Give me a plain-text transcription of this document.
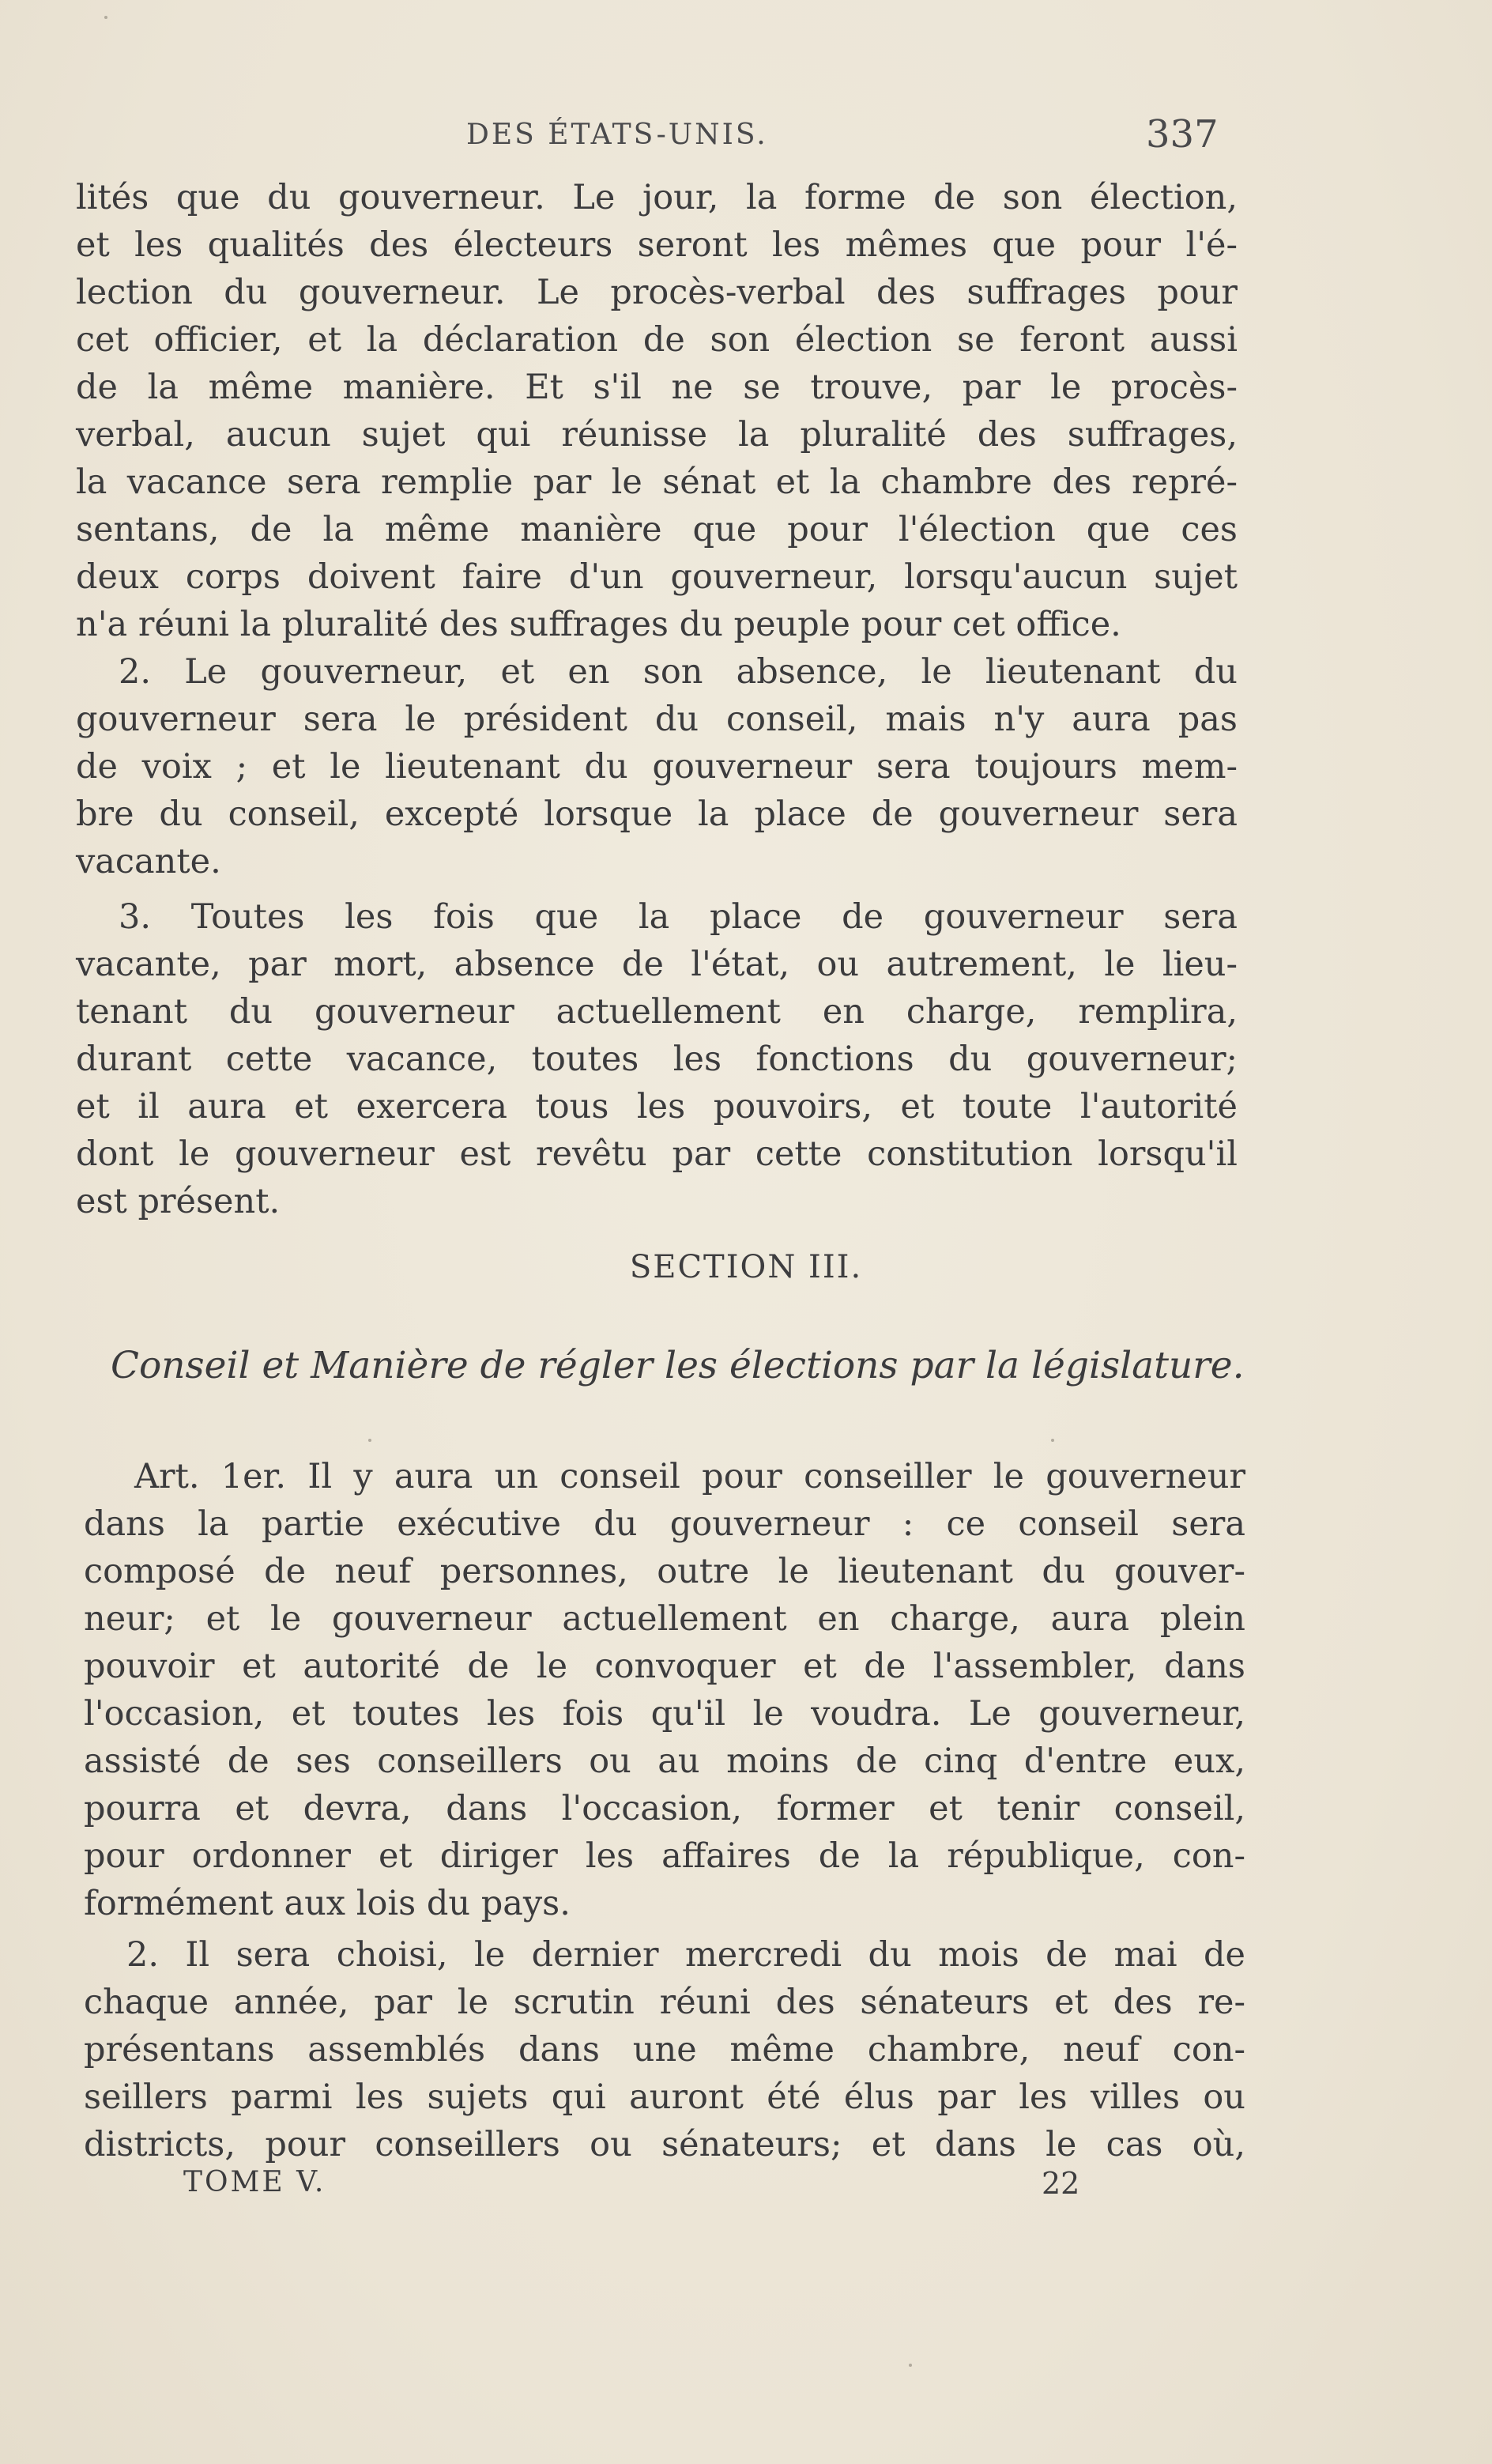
DES ÉTATS-UNIS.	337
lités que du gouverneur. Le jour, la forme de son élection,
et les qualités des électeurs seront les mêmes que pour l'é-
lection du gouverneur. Le procès-verbal des suffrages pour
cet officier, et la déclaration de son élection se feront aussi
de la même manière. Et s'il ne se trouve, par le procès-
verbal, aucun sujet qui réunisse la pluralité des suffrages,
la vacance sera remplie par le sénat et la chambre des repré-
sentans, de la même manière que pour l'élection que ces
deux corps doivent faire d'un gouverneur, lorsqu'aucun sujet
n'a réuni la pluralité des suffrages du peuple pour cet office.
2. Le gouverneur, et en son absence, le lieutenant du
gouverneur sera le président du conseil, mais n'y aura pas
de voix ; et le lieutenant du gouverneur sera toujours mem-
bre du conseil, excepté lorsque la place de gouverneur sera
vacante.
3. Toutes les fois que la place de gouverneur sera
vacante, par mort, absence de l'état, ou autrement, le lieu-
tenant du gouverneur actuellement en charge, remplira,
durant cette vacance, toutes les fonctions du gouverneur;
et il aura et exercera tous les pouvoirs, et toute l'autorité
dont le gouverneur est revêtu par cette constitution lorsqu'il
est présent.
SECTION III.
Conseil et Manière de régler les élections par la législature.
Art. 1er. Il y aura un conseil pour conseiller le gouverneur
dans la partie exécutive du gouverneur : ce conseil sera
composé de neuf personnes, outre le lieutenant du gouver-
neur; et le gouverneur actuellement en charge, aura plein
pouvoir et autorité de le convoquer et de l'assembler, dans
l'occasion, et toutes les fois qu'il le voudra. Le gouverneur,
assisté de ses conseillers ou au moins de cinq d'entre eux,
pourra et devra, dans l'occasion, former et tenir conseil,
pour ordonner et diriger les affaires de la république, con-
formément aux lois du pays.
2. Il sera choisi, le dernier mercredi du mois de mai de
chaque année, par le scrutin réuni des sénateurs et des re-
présentans assemblés dans une même chambre, neuf con-
seillers parmi les sujets qui auront été élus par les villes ou
districts, pour conseillers ou sénateurs; et dans le cas où,
TOME V.	22
